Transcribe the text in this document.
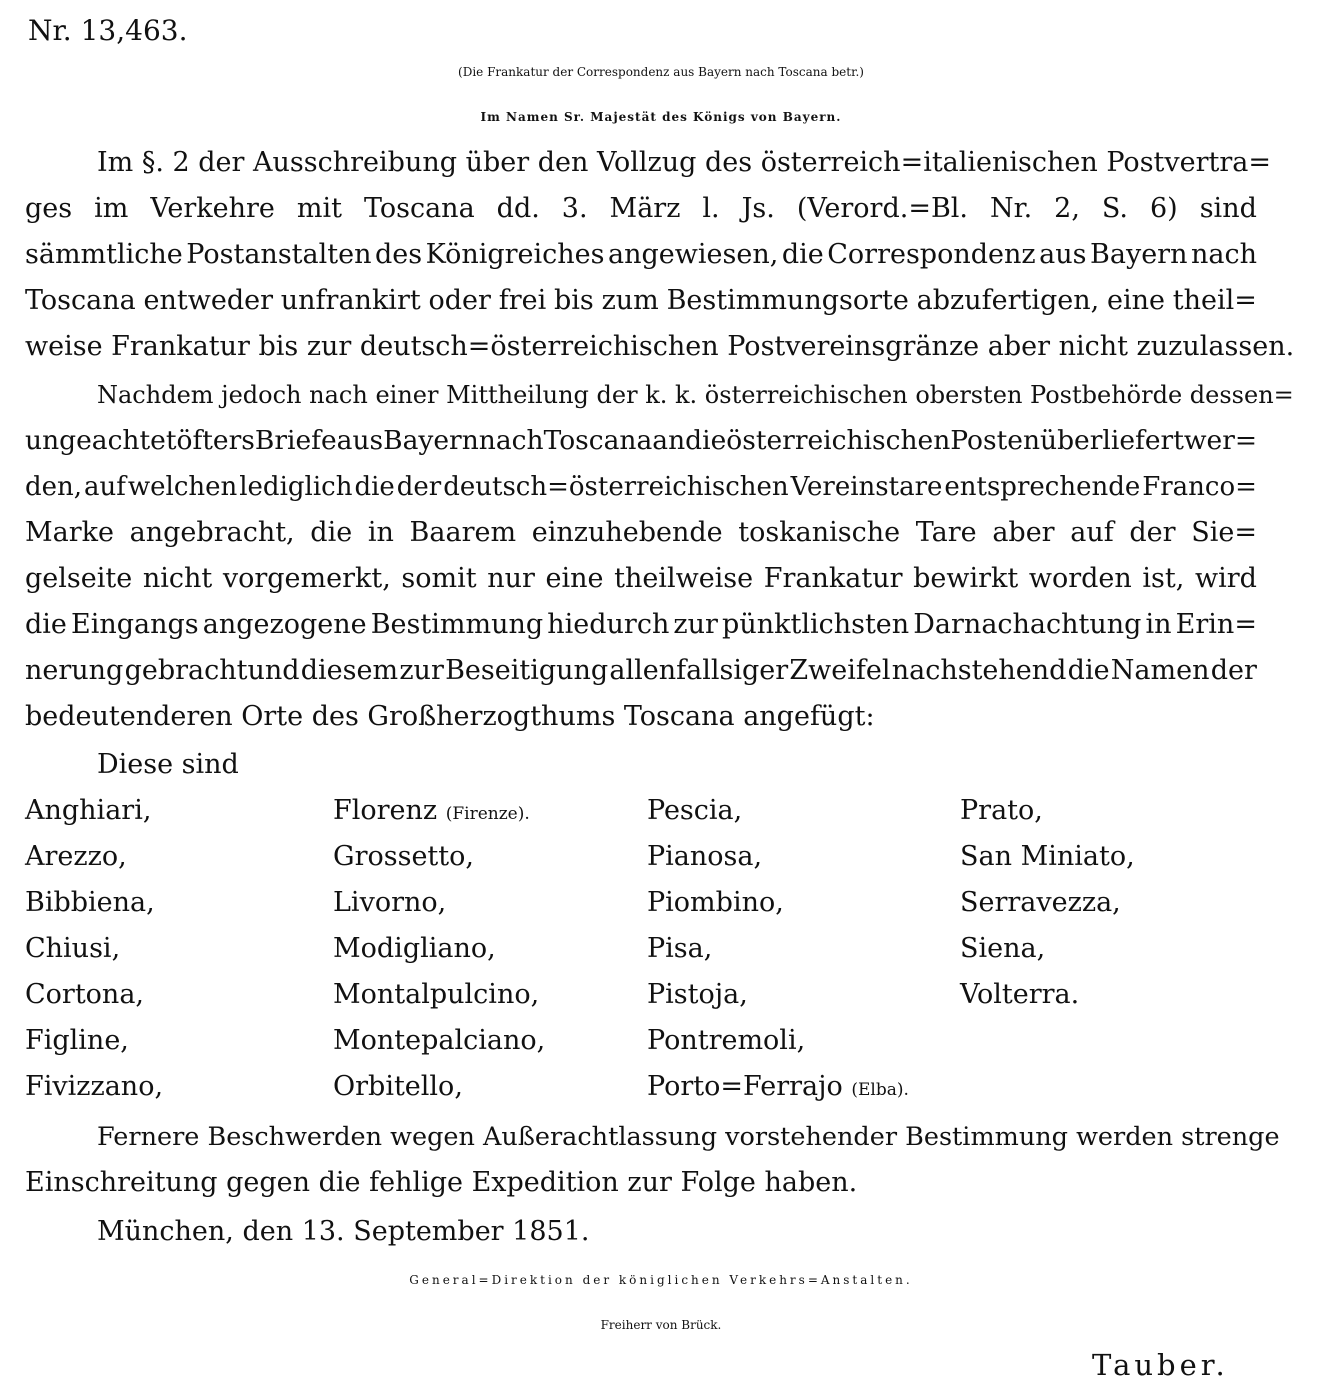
Nr. 13,463.
(Die Frankatur der Correspondenz aus Bayern nach Toscana betr.)
Im Namen Sr. Majestät des Königs von Bayern.
Im §. 2 der Ausschreibung über den Vollzug des österreich=italienischen Postvertra=
ges im Verkehre mit Toscana dd. 3. März l. Js. (Verord.=Bl. Nr. 2, S. 6) sind
sämmtliche Postanstalten des Königreiches angewiesen, die Correspondenz aus Bayern nach
Toscana entweder unfrankirt oder frei bis zum Bestimmungsorte abzufertigen, eine theil=
weise Frankatur bis zur deutsch=österreichischen Postvereinsgränze aber nicht zuzulassen.
Nachdem jedoch nach einer Mittheilung der k. k. österreichischen obersten Postbehörde dessen=
ungeachtet öfters Briefe aus Bayern nach Toscana an die österreichischen Posten überliefert wer=
den, auf welchen lediglich die der deutsch=österreichischen Vereinstare entsprechende Franco=
Marke angebracht, die in Baarem einzuhebende toskanische Tare aber auf der Sie=
gelseite nicht vorgemerkt, somit nur eine theilweise Frankatur bewirkt worden ist, wird
die Eingangs angezogene Bestimmung hiedurch zur pünktlichsten Darnachachtung in Erin=
nerung gebrachtund diesem zur Beseitigung allenfallsiger Zweifel nachstehend die Namen der
bedeutenderen Orte des Großherzogthums Toscana angefügt:
Diese sind
Anghiari,
Arezzo,
Bibbiena,
Chiusi,
Cortona,
Figline,
Fivizzano,
Florenz (Firenze).
Grossetto,
Livorno,
Modigliano,
Montalpulcino,
Montepalciano,
Orbitello,
Pescia,
Pianosa,
Piombino,
Pisa,
Pistoja,
Pontremoli,
Porto=Ferrajo (Elba).
Prato,
San Miniato,
Serravezza,
Siena,
Volterra.
Fernere Beschwerden wegen Außerachtlassung vorstehender Bestimmung werden strenge
Einschreitung gegen die fehlige Expedition zur Folge haben.
München, den 13. September 1851.
General=Direktion der königlichen Verkehrs=Anstalten.
Freiherr von Brück.
Tauber.
